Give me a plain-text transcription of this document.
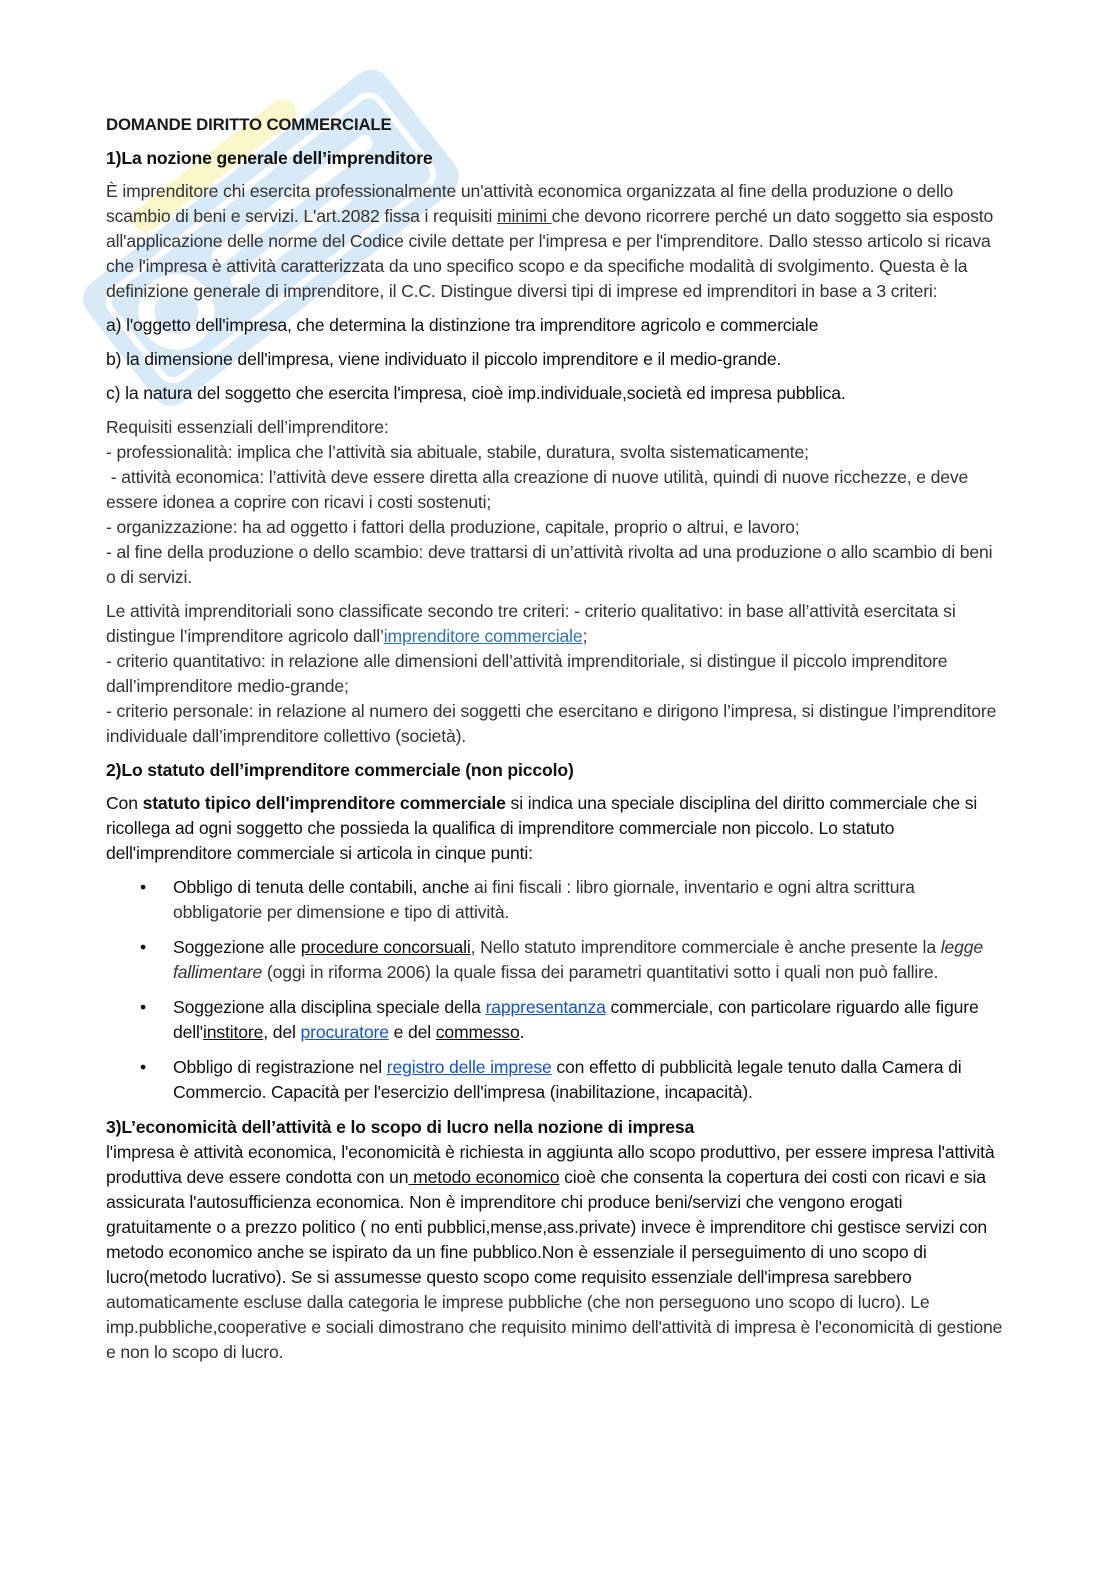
DOMANDE DIRITTO COMMERCIALE
1)La nozione generale dell’imprenditore

È imprenditore chi esercita professionalmente un'attività economica organizzata al fine della produzione o dello scambio di beni e servizi. L'art.2082 fissa i requisiti minimi che devono ricorrere perché un dato soggetto sia esposto all'applicazione delle norme del Codice civile dettate per l'impresa e per l'imprenditore. Dallo stesso articolo si ricava che l'impresa è attività caratterizzata da uno specifico scopo e da specifiche modalità di svolgimento. Questa è la definizione generale di imprenditore, il C.C. Distingue diversi tipi di imprese ed imprenditori in base a 3 criteri:

a) l'oggetto dell'impresa, che determina la distinzione tra imprenditore agricolo e commerciale

b) la dimensione dell'impresa, viene individuato il piccolo imprenditore e il medio-grande.

c) la natura del soggetto che esercita l'impresa, cioè imp.individuale,società ed impresa pubblica.

Requisiti essenziali dell’imprenditore:
- professionalità: implica che l’attività sia abituale, stabile, duratura, svolta sistematicamente;
- attività economica: l’attività deve essere diretta alla creazione di nuove utilità, quindi di nuove ricchezze, e deve essere idonea a coprire con ricavi i costi sostenuti;
- organizzazione: ha ad oggetto i fattori della produzione, capitale, proprio o altrui, e lavoro;
- al fine della produzione o dello scambio: deve trattarsi di un’attività rivolta ad una produzione o allo scambio di beni o di servizi.
Le attività imprenditoriali sono classificate secondo tre criteri: - criterio qualitativo: in base all’attività esercitata si distingue l’imprenditore agricolo dall’imprenditore commerciale;
- criterio quantitativo: in relazione alle dimensioni dell’attività imprenditoriale, si distingue il piccolo imprenditore dall’imprenditore medio-grande;
- criterio personale: in relazione al numero dei soggetti che esercitano e dirigono l’impresa, si distingue l’imprenditore individuale dall’imprenditore collettivo (società).
2)Lo statuto dell’imprenditore commerciale (non piccolo)

Con statuto tipico dell'imprenditore commerciale si indica una speciale disciplina del diritto commerciale che si ricollega ad ogni soggetto che possieda la qualifica di imprenditore commerciale non piccolo. Lo statuto dell'imprenditore commerciale si articola in cinque punti:

• Obbligo di tenuta delle contabili, anche ai fini fiscali : libro giornale, inventario e ogni altra scrittura obbligatorie per dimensione e tipo di attività.
• Soggezione alle procedure concorsuali, Nello statuto imprenditore commerciale è anche presente la legge fallimentare (oggi in riforma 2006) la quale fissa dei parametri quantitativi sotto i quali non può fallire.
• Soggezione alla disciplina speciale della rappresentanza commerciale, con particolare riguardo alle figure dell'institore, del procuratore e del commesso.
• Obbligo di registrazione nel registro delle imprese con effetto di pubblicità legale tenuto dalla Camera di Commercio. Capacità per l'esercizio dell'impresa (inabilitazione, incapacità).
3)L’economicità dell’attività e lo scopo di lucro nella nozione di impresa

l'impresa è attività economica, l'economicità è richiesta in aggiunta allo scopo produttivo, per essere impresa l'attività produttiva deve essere condotta con un metodo economico cioè che consenta la copertura dei costi con ricavi e sia assicurata l'autosufficienza economica. Non è imprenditore chi produce beni/servizi che vengono erogati gratuitamente o a prezzo politico ( no enti pubblici,mense,ass.private) invece è imprenditore chi gestisce servizi con metodo economico anche se ispirato da un fine pubblico.Non è essenziale il perseguimento di uno scopo di lucro(metodo lucrativo). Se si assumesse questo scopo come requisito essenziale dell'impresa sarebbero automaticamente escluse dalla categoria le imprese pubbliche (che non perseguono uno scopo di lucro). Le imp.pubbliche,cooperative e sociali dimostrano che requisito minimo dell'attività di impresa è l'economicità di gestione e non lo scopo di lucro.
